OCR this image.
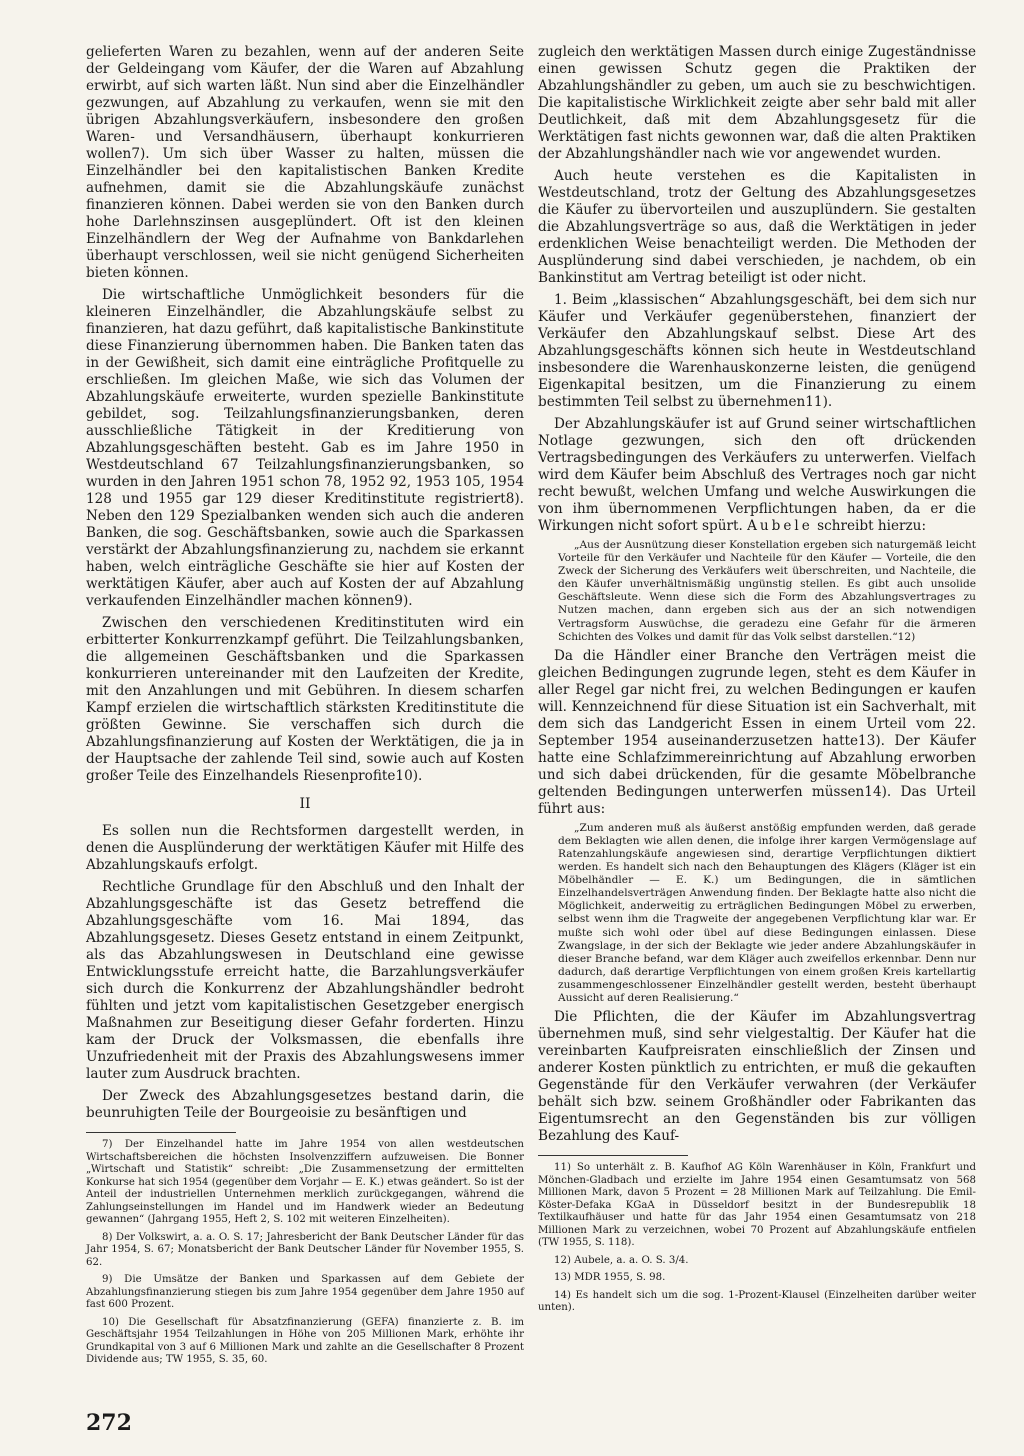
gelieferten Waren zu bezahlen, wenn auf der anderen Seite der Geldeingang vom Käufer, der die Waren auf Abzahlung erwirbt, auf sich warten läßt. Nun sind aber die Einzelhändler gezwungen, auf Abzahlung zu verkaufen, wenn sie mit den übrigen Abzahlungsverkäufern, insbesondere den großen Waren- und Versandhäusern, überhaupt konkurrieren wollen7). Um sich über Wasser zu halten, müssen die Einzelhändler bei den kapitalistischen Banken Kredite aufnehmen, damit sie die Abzahlungskäufe zunächst finanzieren können. Dabei werden sie von den Banken durch hohe Darlehnszinsen ausgeplündert. Oft ist den kleinen Einzelhändlern der Weg der Aufnahme von Bankdarlehen überhaupt verschlossen, weil sie nicht genügend Sicherheiten bieten können.

Die wirtschaftliche Unmöglichkeit besonders für die kleineren Einzelhändler, die Abzahlungskäufe selbst zu finanzieren, hat dazu geführt, daß kapitalistische Bankinstitute diese Finanzierung übernommen haben. Die Banken taten das in der Gewißheit, sich damit eine einträgliche Profitquelle zu erschließen. Im gleichen Maße, wie sich das Volumen der Abzahlungskäufe erweiterte, wurden spezielle Bankinstitute gebildet, sog. Teilzahlungsfinanzierungsbanken, deren ausschließliche Tätigkeit in der Kreditierung von Abzahlungsgeschäften besteht. Gab es im Jahre 1950 in Westdeutschland 67 Teilzahlungsfinanzierungsbanken, so wurden in den Jahren 1951 schon 78, 1952 92, 1953 105, 1954 128 und 1955 gar 129 dieser Kreditinstitute registriert8). Neben den 129 Spezialbanken wenden sich auch die anderen Banken, die sog. Geschäftsbanken, sowie auch die Sparkassen verstärkt der Abzahlungsfinanzierung zu, nachdem sie erkannt haben, welch einträgliche Geschäfte sie hier auf Kosten der werktätigen Käufer, aber auch auf Kosten der auf Abzahlung verkaufenden Einzelhändler machen können9).

Zwischen den verschiedenen Kreditinstituten wird ein erbitterter Konkurrenzkampf geführt. Die Teilzahlungsbanken, die allgemeinen Geschäftsbanken und die Sparkassen konkurrieren untereinander mit den Laufzeiten der Kredite, mit den Anzahlungen und mit Gebühren. In diesem scharfen Kampf erzielen die wirtschaftlich stärksten Kreditinstitute die größten Gewinne. Sie verschaffen sich durch die Abzahlungsfinanzierung auf Kosten der Werktätigen, die ja in der Hauptsache der zahlende Teil sind, sowie auch auf Kosten großer Teile des Einzelhandels Riesenprofite10).

II

Es sollen nun die Rechtsformen dargestellt werden, in denen die Ausplünderung der werktätigen Käufer mit Hilfe des Abzahlungskaufs erfolgt.

Rechtliche Grundlage für den Abschluß und den Inhalt der Abzahlungsgeschäfte ist das Gesetz betreffend die Abzahlungsgeschäfte vom 16. Mai 1894, das Abzahlungsgesetz. Dieses Gesetz entstand in einem Zeitpunkt, als das Abzahlungswesen in Deutschland eine gewisse Entwicklungsstufe erreicht hatte, die Barzahlungsverkäufer sich durch die Konkurrenz der Abzahlungshändler bedroht fühlten und jetzt vom kapitalistischen Gesetzgeber energisch Maßnahmen zur Beseitigung dieser Gefahr forderten. Hinzu kam der Druck der Volksmassen, die ebenfalls ihre Unzufriedenheit mit der Praxis des Abzahlungswesens immer lauter zum Ausdruck brachten.

Der Zweck des Abzahlungsgesetzes bestand darin, die beunruhigten Teile der Bourgeoisie zu besänftigen und

7) Der Einzelhandel hatte im Jahre 1954 von allen westdeutschen Wirtschaftsbereichen die höchsten Insolvenzziffern aufzuweisen. Die Bonner „Wirtschaft und Statistik“ schreibt: „Die Zusammensetzung der ermittelten Konkurse hat sich 1954 (gegenüber dem Vorjahr — E. K.) etwas geändert. So ist der Anteil der industriellen Unternehmen merklich zurückgegangen, während die Zahlungseinstellungen im Handel und im Handwerk wieder an Bedeutung gewannen“ (Jahrgang 1955, Heft 2, S. 102 mit weiteren Einzelheiten).

8) Der Volkswirt, a. a. O. S. 17; Jahresbericht der Bank Deutscher Länder für das Jahr 1954, S. 67; Monatsbericht der Bank Deutscher Länder für November 1955, S. 62.

9) Die Umsätze der Banken und Sparkassen auf dem Gebiete der Abzahlungsfinanzierung stiegen bis zum Jahre 1954 gegenüber dem Jahre 1950 auf fast 600 Prozent.

10) Die Gesellschaft für Absatzfinanzierung (GEFA) finanzierte z. B. im Geschäftsjahr 1954 Teilzahlungen in Höhe von 205 Millionen Mark, erhöhte ihr Grundkapital von 3 auf 6 Millionen Mark und zahlte an die Gesellschafter 8 Prozent Dividende aus; TW 1955, S. 35, 60.

zugleich den werktätigen Massen durch einige Zugeständnisse einen gewissen Schutz gegen die Praktiken der Abzahlungshändler zu geben, um auch sie zu beschwichtigen. Die kapitalistische Wirklichkeit zeigte aber sehr bald mit aller Deutlichkeit, daß mit dem Abzahlungsgesetz für die Werktätigen fast nichts gewonnen war, daß die alten Praktiken der Abzahlungshändler nach wie vor angewendet wurden.

Auch heute verstehen es die Kapitalisten in Westdeutschland, trotz der Geltung des Abzahlungsgesetzes die Käufer zu übervorteilen und auszuplündern. Sie gestalten die Abzahlungsverträge so aus, daß die Werktätigen in jeder erdenklichen Weise benachteiligt werden. Die Methoden der Ausplünderung sind dabei verschieden, je nachdem, ob ein Bankinstitut am Vertrag beteiligt ist oder nicht.

1. Beim „klassischen“ Abzahlungsgeschäft, bei dem sich nur Käufer und Verkäufer gegenüberstehen, finanziert der Verkäufer den Abzahlungskauf selbst. Diese Art des Abzahlungsgeschäfts können sich heute in Westdeutschland insbesondere die Warenhauskonzerne leisten, die genügend Eigenkapital besitzen, um die Finanzierung zu einem bestimmten Teil selbst zu übernehmen11).

Der Abzahlungskäufer ist auf Grund seiner wirtschaftlichen Notlage gezwungen, sich den oft drückenden Vertragsbedingungen des Verkäufers zu unterwerfen. Vielfach wird dem Käufer beim Abschluß des Vertrages noch gar nicht recht bewußt, welchen Umfang und welche Auswirkungen die von ihm übernommenen Verpflichtungen haben, da er die Wirkungen nicht sofort spürt. Aubele schreibt hierzu:

„Aus der Ausnützung dieser Konstellation ergeben sich naturgemäß leicht Vorteile für den Verkäufer und Nachteile für den Käufer — Vorteile, die den Zweck der Sicherung des Verkäufers weit überschreiten, und Nachteile, die den Käufer unverhältnismäßig ungünstig stellen. Es gibt auch unsolide Geschäftsleute. Wenn diese sich die Form des Abzahlungsvertrages zu Nutzen machen, dann ergeben sich aus der an sich notwendigen Vertragsform Auswüchse, die geradezu eine Gefahr für die ärmeren Schichten des Volkes und damit für das Volk selbst darstellen.“12)

Da die Händler einer Branche den Verträgen meist die gleichen Bedingungen zugrunde legen, steht es dem Käufer in aller Regel gar nicht frei, zu welchen Bedingungen er kaufen will. Kennzeichnend für diese Situation ist ein Sachverhalt, mit dem sich das Landgericht Essen in einem Urteil vom 22. September 1954 auseinanderzusetzen hatte13). Der Käufer hatte eine Schlafzimmereinrichtung auf Abzahlung erworben und sich dabei drückenden, für die gesamte Möbelbranche geltenden Bedingungen unterwerfen müssen14). Das Urteil führt aus:

„Zum anderen muß als äußerst anstößig empfunden werden, daß gerade dem Beklagten wie allen denen, die infolge ihrer kargen Vermögenslage auf Ratenzahlungskäufe angewiesen sind, derartige Verpflichtungen diktiert werden. Es handelt sich nach den Behauptungen des Klägers (Kläger ist ein Möbelhändler — E. K.) um Bedingungen, die in sämtlichen Einzelhandelsverträgen Anwendung finden. Der Beklagte hatte also nicht die Möglichkeit, anderweitig zu erträglichen Bedingungen Möbel zu erwerben, selbst wenn ihm die Tragweite der angegebenen Verpflichtung klar war. Er mußte sich wohl oder übel auf diese Bedingungen einlassen. Diese Zwangslage, in der sich der Beklagte wie jeder andere Abzahlungskäufer in dieser Branche befand, war dem Kläger auch zweifellos erkennbar. Denn nur dadurch, daß derartige Verpflichtungen von einem großen Kreis kartellartig zusammengeschlossener Einzelhändler gestellt werden, besteht überhaupt Aussicht auf deren Realisierung.“

Die Pflichten, die der Käufer im Abzahlungsvertrag übernehmen muß, sind sehr vielgestaltig. Der Käufer hat die vereinbarten Kaufpreisraten einschließlich der Zinsen und anderer Kosten pünktlich zu entrichten, er muß die gekauften Gegenstände für den Verkäufer verwahren (der Verkäufer behält sich bzw. seinem Großhändler oder Fabrikanten das Eigentumsrecht an den Gegenständen bis zur völligen Bezahlung des Kauf-

11) So unterhält z. B. Kaufhof AG Köln Warenhäuser in Köln, Frankfurt und Mönchen-Gladbach und erzielte im Jahre 1954 einen Gesamtumsatz von 568 Millionen Mark, davon 5 Prozent = 28 Millionen Mark auf Teilzahlung. Die Emil-Köster-Defaka KGaA in Düsseldorf besitzt in der Bundesrepublik 18 Textilkaufhäuser und hatte für das Jahr 1954 einen Gesamtumsatz von 218 Millionen Mark zu verzeichnen, wobei 70 Prozent auf Abzahlungskäufe entfielen (TW 1955, S. 118).

12) Aubele, a. a. O. S. 3/4.

13) MDR 1955, S. 98.

14) Es handelt sich um die sog. 1-Prozent-Klausel (Einzelheiten darüber weiter unten).

272
